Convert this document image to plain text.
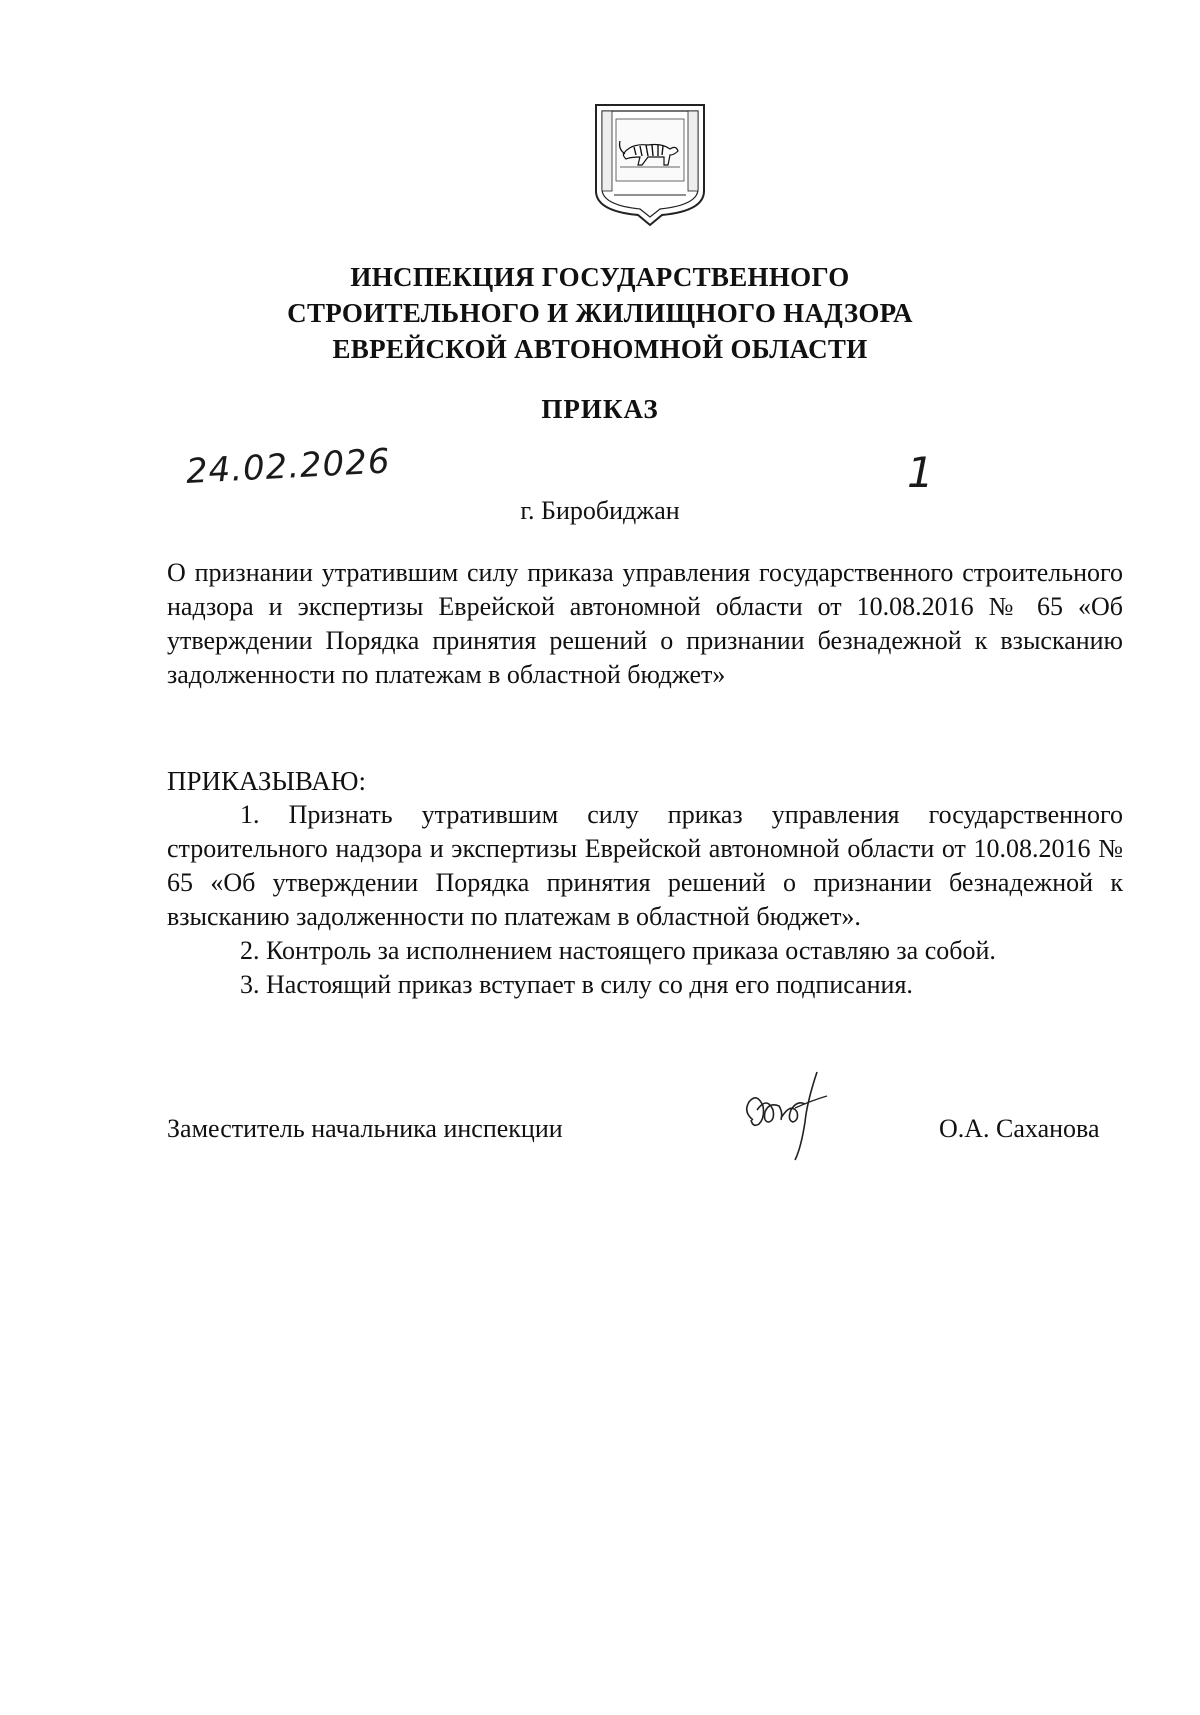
ИНСПЕКЦИЯ ГОСУДАРСТВЕННОГО
СТРОИТЕЛЬНОГО И ЖИЛИЩНОГО НАДЗОРА
ЕВРЕЙСКОЙ АВТОНОМНОЙ ОБЛАСТИ
ПРИКАЗ
24.02.2026	1
г. Биробиджан
О признании утратившим силу приказа управления государственного строительного надзора и экспертизы Еврейской автономной области от 10.08.2016 № 65 «Об утверждении Порядка принятия решений о признании безнадежной к взысканию задолженности по платежам в областной бюджет»
ПРИКАЗЫВАЮ:
1. Признать утратившим силу приказ управления государственного строительного надзора и экспертизы Еврейской автономной области от 10.08.2016 № 65 «Об утверждении Порядка принятия решений о признании безнадежной к взысканию задолженности по платежам в областной бюджет».
2. Контроль за исполнением настоящего приказа оставляю за собой.
3. Настоящий приказ вступает в силу со дня его подписания.
Заместитель начальника инспекции	О.А. Саханова
